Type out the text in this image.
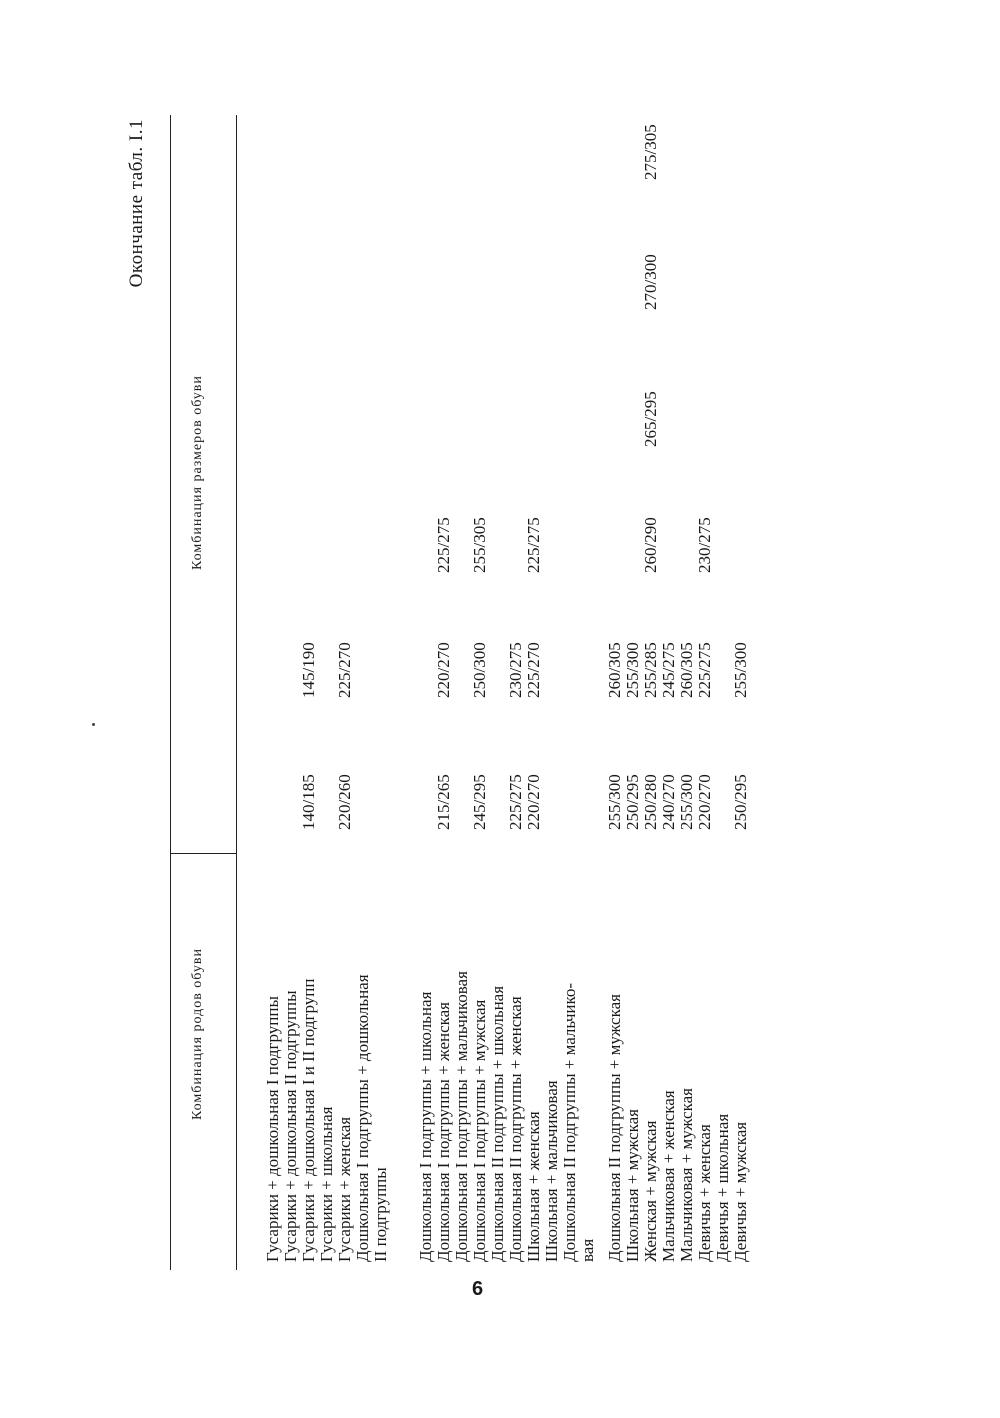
Окончание табл. I.1
Комбинация родов обуви
Комбинация размеров обуви
Гусарики + дошкольная I подгруппы Гусарики + дошкольная II подгруппы Гусарики + дошкольная I и II подгрупп
140/185
145/190
Гусарики + школьная Гусарики + женская
220/260
225/270
Дошкольная I подгруппы + дошкольная II подгруппы Дошкольная I подгруппы + школьная Дошкольная I подгруппы + женская
215/265
220/270
225/275
Дошкольная I подгруппы + мальчиковая Дошкольная I подгруппы + мужская
245/295
250/300
255/305
Дошкольная II подгруппы + школьная Дошкольная II подгруппы + женская
225/275
230/275
Школьная + женская
220/270
225/270
225/275
Школьная + мальчиковая Дошкольная II подгруппы + мальчико- вая Дошкольная II подгруппы + мужская
255/300
260/305
Школьная + мужская
250/295
255/300
Женская + мужская
250/280
255/285
260/290
265/295
270/300
275/305
Мальчиковая + женская
240/270
245/275
Мальчиковая + мужская
255/300
260/305
Девичья + женская
220/270
225/275
230/275
Девичья + школьная Девичья + мужская
250/295
255/300
6
